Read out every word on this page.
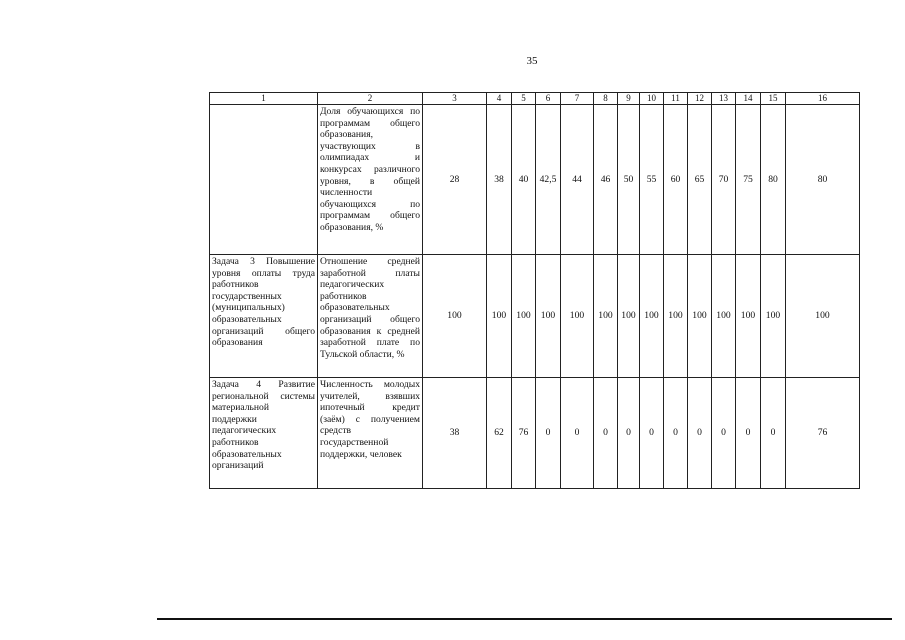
35
1	2	3	4	5	6	7	8	9	10	11	12	13	14	15	16
	Доля обучающихся по программам общего образования, участвующих в олимпиадах и конкурсах различного уровня, в общей численности обучающихся по программам общего образования, %	28	38	40	42,5	44	46	50	55	60	65	70	75	80	80
Задача 3 Повышение уровня оплаты труда работников государственных (муниципальных) образовательных организаций общего образования	Отношение средней заработной платы педагогических работников образовательных организаций общего образования к средней заработной плате по Тульской области, %	100	100	100	100	100	100	100	100	100	100	100	100	100	100
Задача 4 Развитие региональной системы материальной поддержки педагогических работников образовательных организаций	Численность молодых учителей, взявших ипотечный кредит (заём) с получением средств государственной поддержки, человек	38	62	76	0	0	0	0	0	0	0	0	0	0	76
